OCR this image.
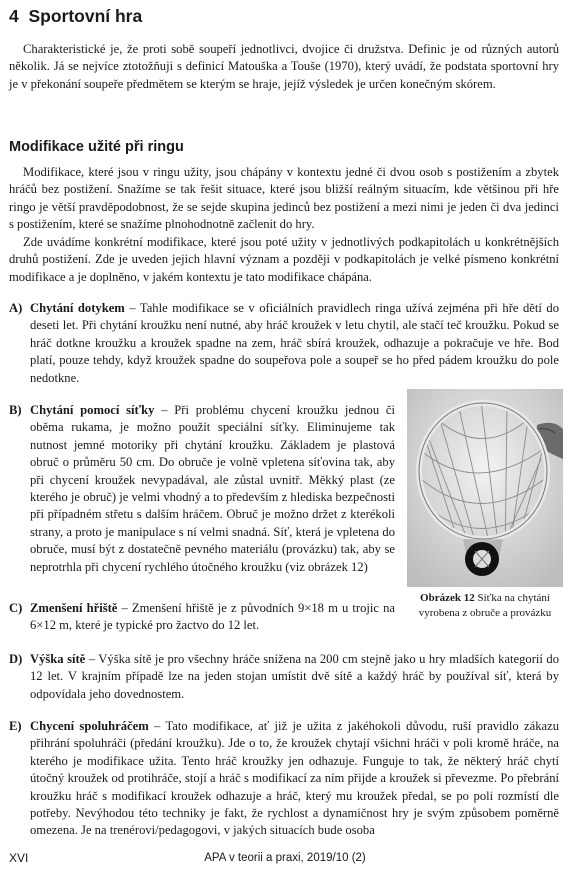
4 Sportovní hra

Charakteristické je, že proti sobě soupeří jednotlivci, dvojice či družstva. Definic je od různých autorů několik. Já se nejvíce ztotožňuji s definicí Matouška a Touše (1970), který uvádí, že podstata sportovní hry je v překonání soupeře předmětem se kterým se hraje, jejíž výsledek je určen konečným skórem.

Modifikace užité při ringu

Modifikace, které jsou v ringu užity, jsou chápány v kontextu jedné či dvou osob s postižením a zbytek hráčů bez postižení. Snažíme se tak řešit situace, které jsou bližší reálným situacím, kde většinou při hře ringo je větší pravděpodobnost, že se sejde skupina jedinců bez postižení a mezi nimi je jeden či dva jedinci s postižením, které se snažíme plnohodnotně začlenit do hry.

Zde uvádíme konkrétní modifikace, které jsou poté užity v jednotlivých podkapitolách u konkrétnějších druhů postižení. Zde je uveden jejich hlavní význam a později v podkapitolách je velké písmeno konkrétní modifikace a je doplněno, v jakém kontextu je tato modifikace chápána.

A) Chytání dotykem – Tahle modifikace se v oficiálních pravidlech ringa užívá zejména při hře dětí do deseti let. Při chytání kroužku není nutné, aby hráč kroužek v letu chytil, ale stačí teč kroužku. Pokud se hráč dotkne kroužku a kroužek spadne na zem, hráč sbírá kroužek, odhazuje a pokračuje ve hře. Bod platí, pouze tehdy, když kroužek spadne do soupeřova pole a soupeř se ho před pádem kroužku do pole nedotkne.
B) Chytání pomocí síťky – Při problému chycení kroužku jednou či oběma rukama, je možno použít speciální síťky. Eliminujeme tak nutnost jemné motoriky při chytání kroužku. Základem je plastová obruč o průměru 50 cm. Do obruče je volně vpletena síťovina tak, aby při chycení kroužek nevypadával, ale zůstal uvnitř. Měkký plast (ze kterého je obruč) je velmi vhodný a to především z hlediska bezpečnosti při případném střetu s dalším hráčem. Obruč je možno držet z kterékoli strany, a proto je manipulace s ní velmi snadná. Síť, která je vpletena do obruče, musí být z dostatečně pevného materiálu (provázku) tak, aby se neprotrhla při chycení rychlého útočného kroužku (viz obrázek 12)
C) Zmenšení hřiště – Zmenšení hřiště je z původních 9×18 m u trojic na 6×12 m, které je typické pro žactvo do 12 let.
D) Výška sítě – Výška sítě je pro všechny hráče snížena na 200 cm stejně jako u hry mladších kategorií do 12 let. V krajním případě lze na jeden stojan umístit dvě sítě a každý hráč by používal síť, která by odpovídala jeho dovednostem.
E) Chycení spoluhráčem – Tato modifikace, ať již je užita z jakéhokoli důvodu, ruší pravidlo zákazu přihrání spoluhráči (předání kroužku). Jde o to, že kroužek chytají všichni hráči v poli kromě hráče, na kterého je modifikace užita. Tento hráč kroužky jen odhazuje. Funguje to tak, že některý hráč chytí útočný kroužek od protihráče, stojí a hráč s modifikací za ním přijde a kroužek si převezme. Po přebrání kroužku hráč s modifikací kroužek odhazuje a hráč, který mu kroužek předal, se po poli rozmístí dle potřeby. Nevýhodou této techniky je fakt, že rychlost a dynamičnost hry je svým způsobem poměrně omezena. Je na trenérovi/pedagogovi, v jakých situacích bude osoba
Obrázek 12 Síťka na chytání vyrobena z obruče a provázku
XVI	APA v teorii a praxi, 2019/10 (2)
